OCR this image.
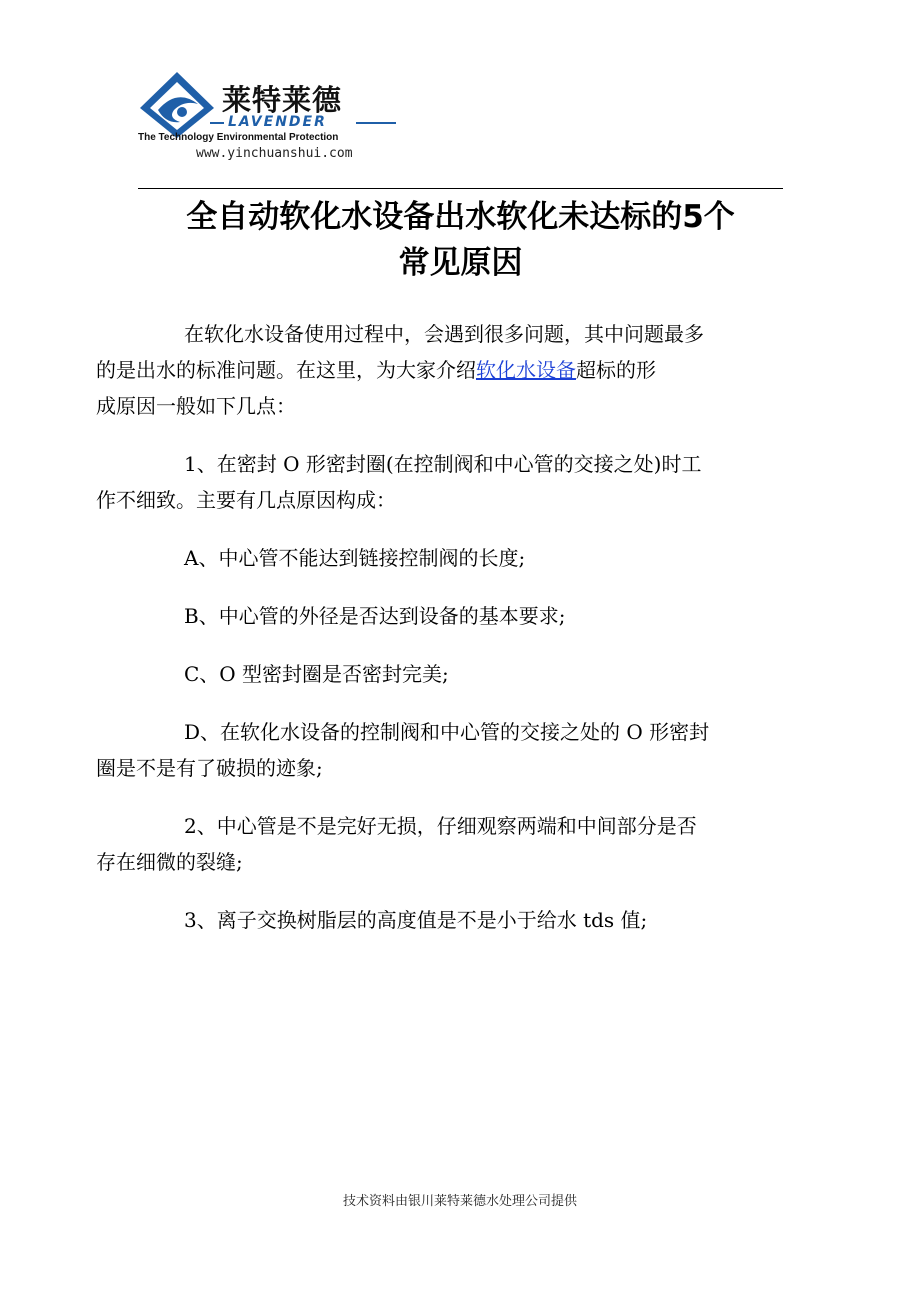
莱特莱德
LAVENDER
The Technology Environmental Protection
www.yinchuanshui.com
全自动软化水设备出水软化未达标的5个
常见原因

在软化水设备使用过程中，会遇到很多问题，其中问题最多
的是出水的标准问题。在这里，为大家介绍软化水设备超标的形
成原因一般如下几点：

1、在密封 O 形密封圈(在控制阀和中心管的交接之处)时工
作不细致。主要有几点原因构成：

A、中心管不能达到链接控制阀的长度;

B、中心管的外径是否达到设备的基本要求;

C、O 型密封圈是否密封完美;

D、在软化水设备的控制阀和中心管的交接之处的 O 形密封
圈是不是有了破损的迹象;

2、中心管是不是完好无损，仔细观察两端和中间部分是否
存在细微的裂缝;

3、离子交换树脂层的高度值是不是小于给水 tds 值;

技术资料由银川莱特莱德水处理公司提供
